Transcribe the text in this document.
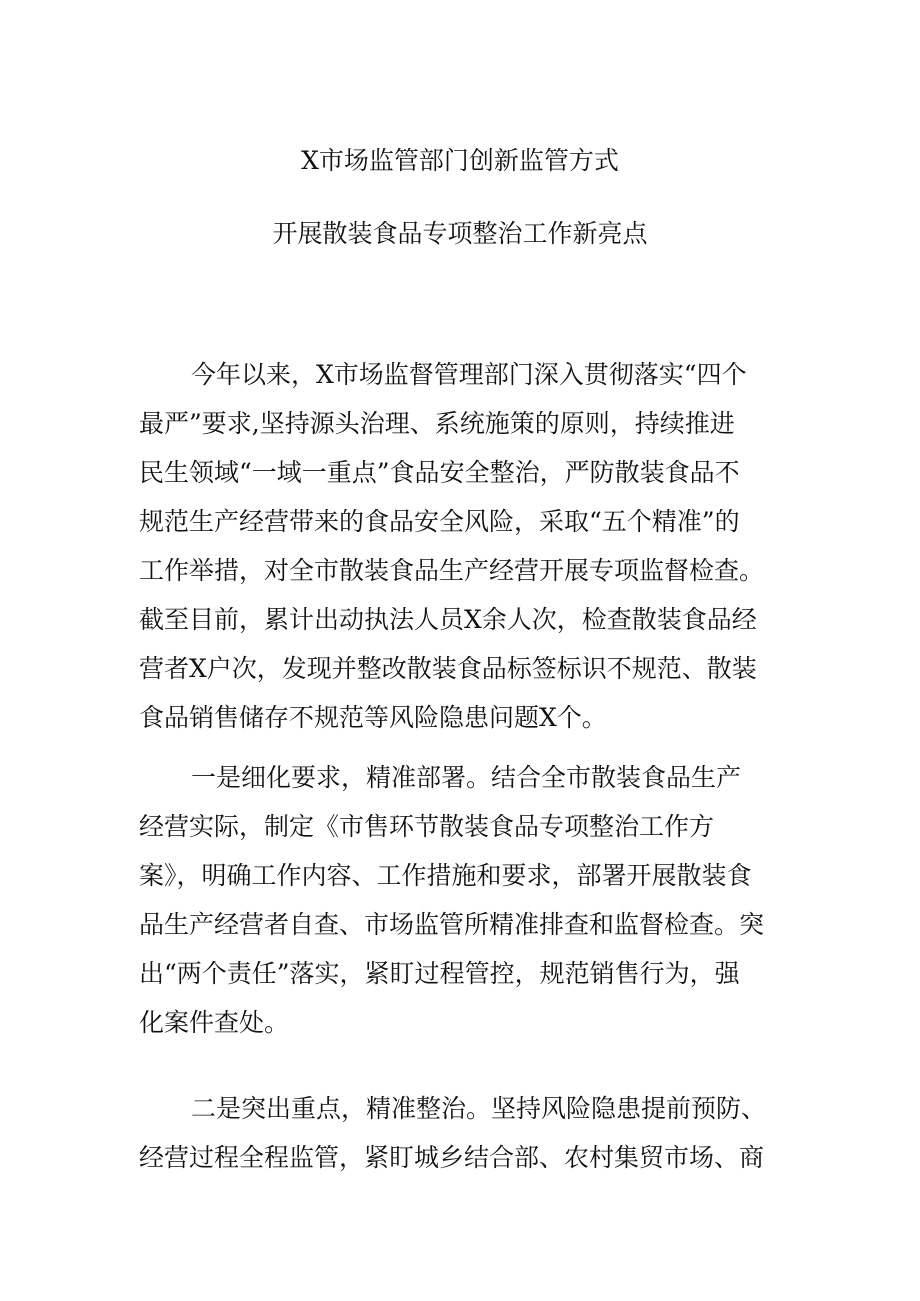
X市场监管部门创新监管方式
开展散装食品专项整治工作新亮点
今年以来，X市场监督管理部门深入贯彻落实“四个
最严”要求,坚持源头治理、系统施策的原则，持续推进
民生领域“一域一重点”食品安全整治，严防散装食品不
规范生产经营带来的食品安全风险，采取“五个精准”的
工作举措，对全市散装食品生产经营开展专项监督检查。
截至目前，累计出动执法人员X余人次，检查散装食品经
营者X户次，发现并整改散装食品标签标识不规范、散装
食品销售储存不规范等风险隐患问题X个。
一是细化要求，精准部署。结合全市散装食品生产
经营实际，制定《市售环节散装食品专项整治工作方
案》，明确工作内容、工作措施和要求，部署开展散装食
品生产经营者自查、市场监管所精准排查和监督检查。突
出“两个责任”落实，紧盯过程管控，规范销售行为，强
化案件查处。
二是突出重点，精准整治。坚持风险隐患提前预防、
经营过程全程监管，紧盯城乡结合部、农村集贸市场、商
